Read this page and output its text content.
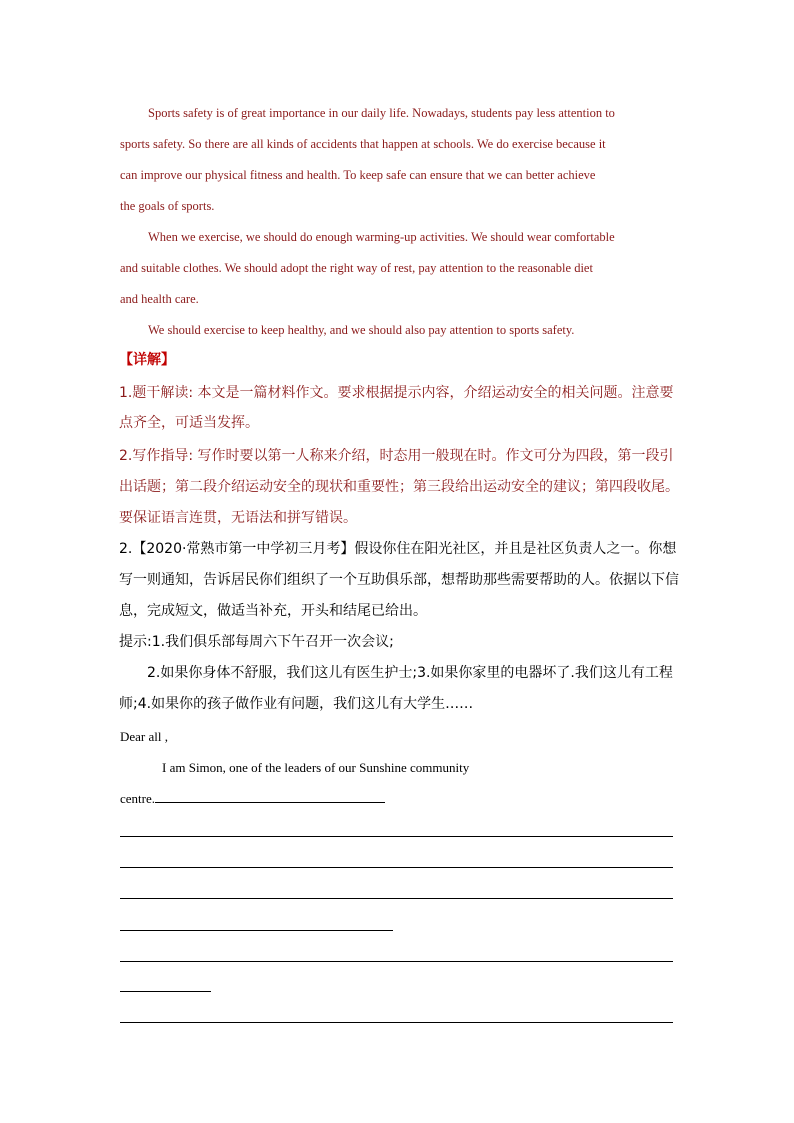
Sports safety is of great importance in our daily life. Nowadays, students pay less attention to
sports safety. So there are all kinds of accidents that happen at schools. We do exercise because it
can improve our physical fitness and health. To keep safe can ensure that we can better achieve
the goals of sports.
When we exercise, we should do enough warming-up activities. We should wear comfortable
and suitable clothes. We should adopt the right way of rest, pay attention to the reasonable diet
and health care.
We should exercise to keep healthy, and we should also pay attention to sports safety.
【详解】
1.题干解读: 本文是一篇材料作文。要求根据提示内容，介绍运动安全的相关问题。注意要
点齐全，可适当发挥。
2.写作指导: 写作时要以第一人称来介绍，时态用一般现在时。作文可分为四段，第一段引
出话题；第二段介绍运动安全的现状和重要性；第三段给出运动安全的建议；第四段收尾。
要保证语言连贯，无语法和拼写错误。
2.【2020·常熟市第一中学初三月考】假设你住在阳光社区，并且是社区负责人之一。你想
写一则通知，告诉居民你们组织了一个互助俱乐部，想帮助那些需要帮助的人。依据以下信
息，完成短文，做适当补充，开头和结尾已给出。
提示:1.我们俱乐部每周六下午召开一次会议;
2.如果你身体不舒服，我们这儿有医生护士;3.如果你家里的电器坏了.我们这儿有工程
师;4.如果你的孩子做作业有问题，我们这儿有大学生……
Dear all ,
I am Simon, one of the leaders of our Sunshine community
centre.
